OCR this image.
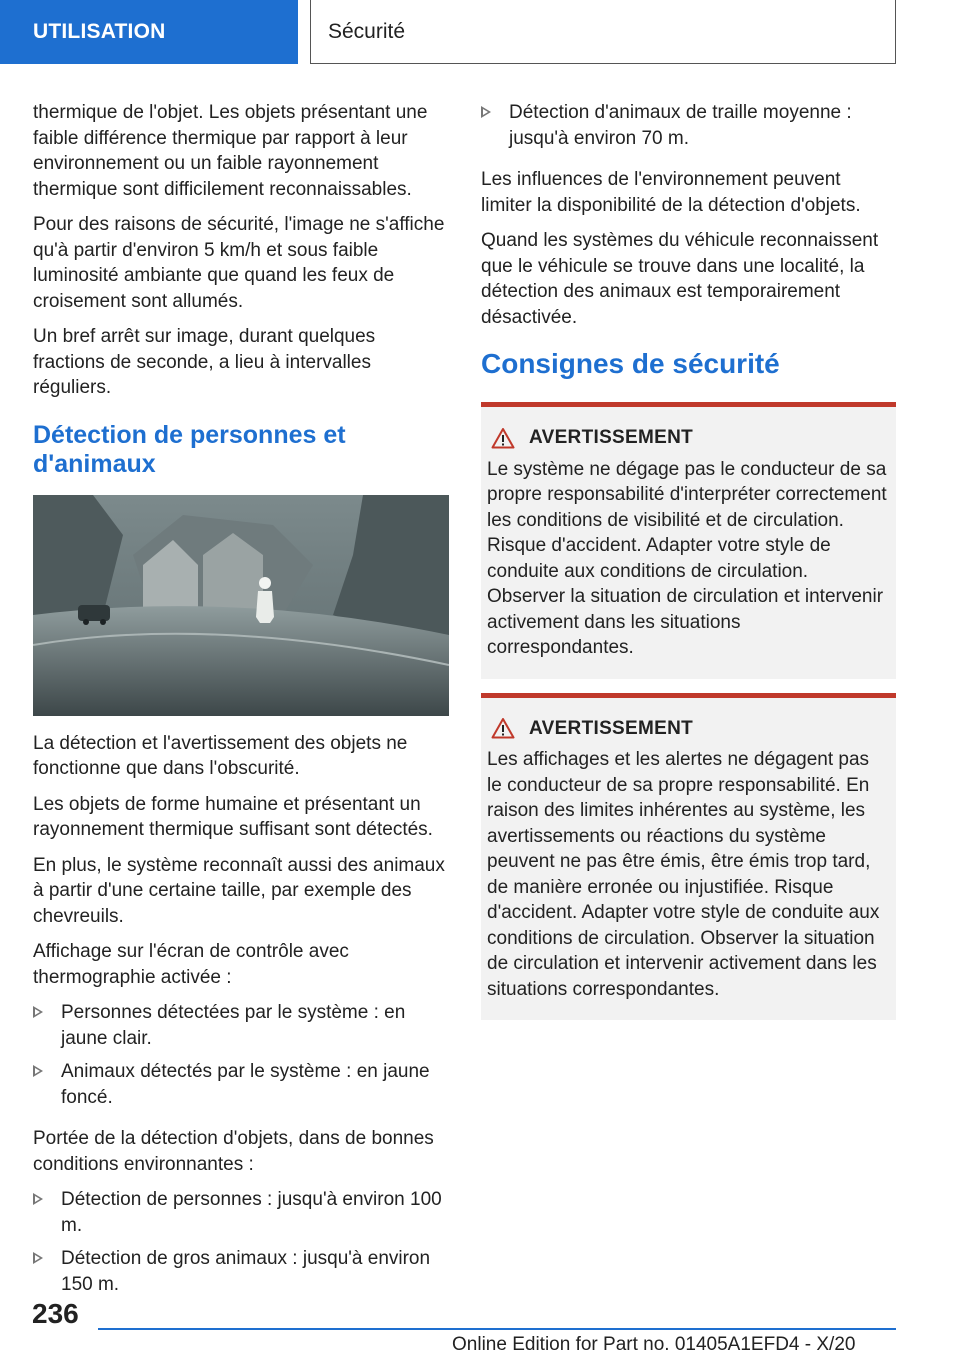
UTILISATION	Sécurité

thermique de l'objet. Les objets présentant une faible différence thermique par rapport à leur environnement ou un faible rayonnement thermique sont difficilement reconnaissables.

Pour des raisons de sécurité, l'image ne s'affiche qu'à partir d'environ 5 km/h et sous faible luminosité ambiante que quand les feux de croisement sont allumés.

Un bref arrêt sur image, durant quelques fractions de seconde, a lieu à intervalles réguliers.

Détection de personnes et d'animaux

La détection et l'avertissement des objets ne fonctionne que dans l'obscurité.

Les objets de forme humaine et présentant un rayonnement thermique suffisant sont détectés.

En plus, le système reconnaît aussi des animaux à partir d'une certaine taille, par exemple des chevreuils.

Affichage sur l'écran de contrôle avec thermographie activée :

Personnes détectées par le système : en jaune clair.
Animaux détectés par le système : en jaune foncé.

Portée de la détection d'objets, dans de bonnes conditions environnantes :

Détection de personnes : jusqu'à environ 100 m.
Détection de gros animaux : jusqu'à environ 150 m.
Détection d'animaux de traille moyenne : jusqu'à environ 70 m.

Les influences de l'environnement peuvent limiter la disponibilité de la détection d'objets.

Quand les systèmes du véhicule reconnaissent que le véhicule se trouve dans une localité, la détection des animaux est temporairement désactivée.

Consignes de sécurité
AVERTISSEMENT
Le système ne dégage pas le conducteur de sa propre responsabilité d'interpréter correctement les conditions de visibilité et de circulation. Risque d'accident. Adapter votre style de conduite aux conditions de circulation. Observer la situation de circulation et intervenir activement dans les situations correspondantes.
AVERTISSEMENT
Les affichages et les alertes ne dégagent pas le conducteur de sa propre responsabilité. En raison des limites inhérentes au système, les avertissements ou réactions du système peuvent ne pas être émis, être émis trop tard, de manière erronée ou injustifiée. Risque d'accident. Adapter votre style de conduite aux conditions de circulation. Observer la situation de circulation et intervenir activement dans les situations correspondantes.
236
Online Edition for Part no. 01405A1EFD4 - X/20
